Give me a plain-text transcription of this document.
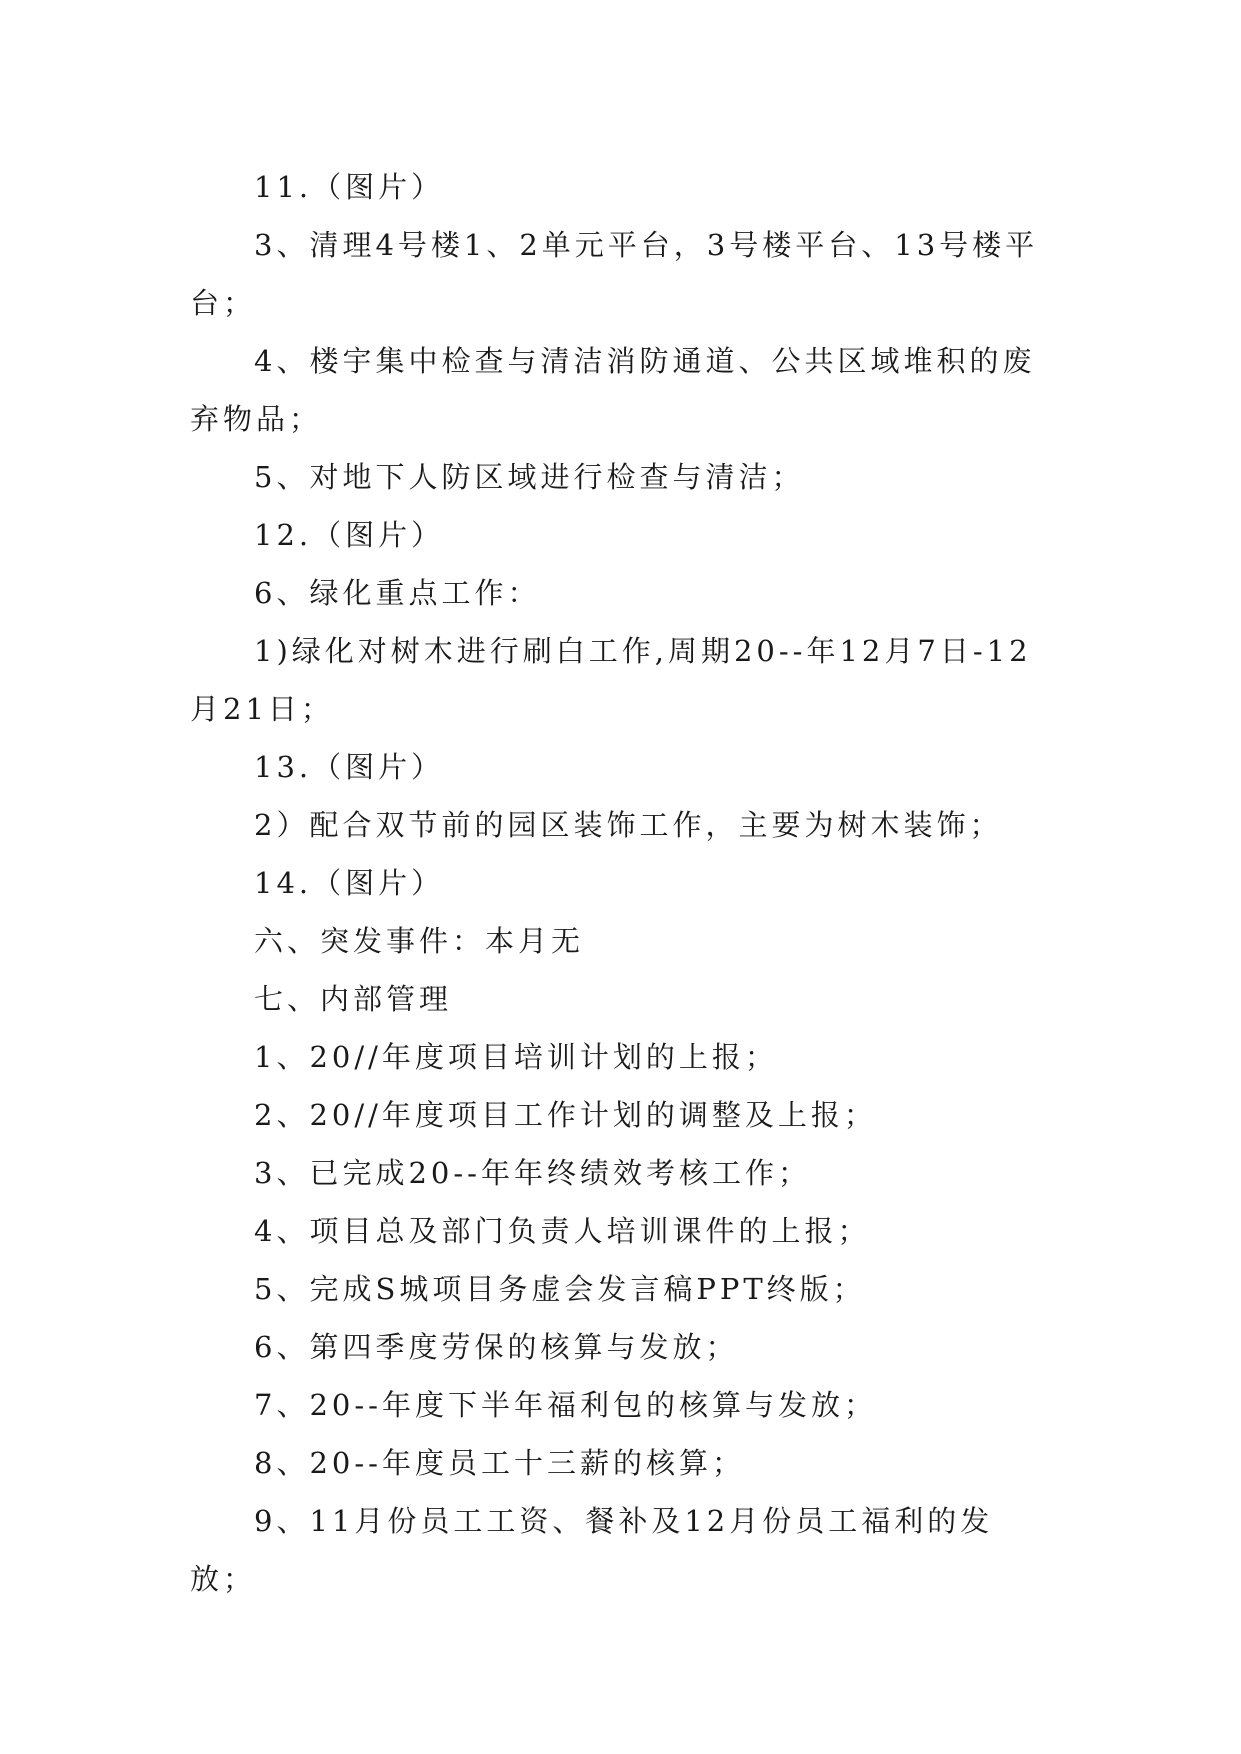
11.（图片）

3、清理4号楼1、2单元平台，3号楼平台、13号楼平台；

4、楼宇集中检查与清洁消防通道、公共区域堆积的废弃物品；

5、对地下人防区域进行检查与清洁；

12.（图片）

6、绿化重点工作：

1)绿化对树木进行刷白工作,周期20--年12月7日-12月21日；

13.（图片）

2）配合双节前的园区装饰工作，主要为树木装饰；

14.（图片）

六、突发事件：本月无

七、内部管理

1、20//年度项目培训计划的上报；

2、20//年度项目工作计划的调整及上报；

3、已完成20--年年终绩效考核工作；

4、项目总及部门负责人培训课件的上报；

5、完成S城项目务虚会发言稿PPT终版；

6、第四季度劳保的核算与发放；

7、20--年度下半年福利包的核算与发放；

8、20--年度员工十三薪的核算；

9、11月份员工工资、餐补及12月份员工福利的发放；
